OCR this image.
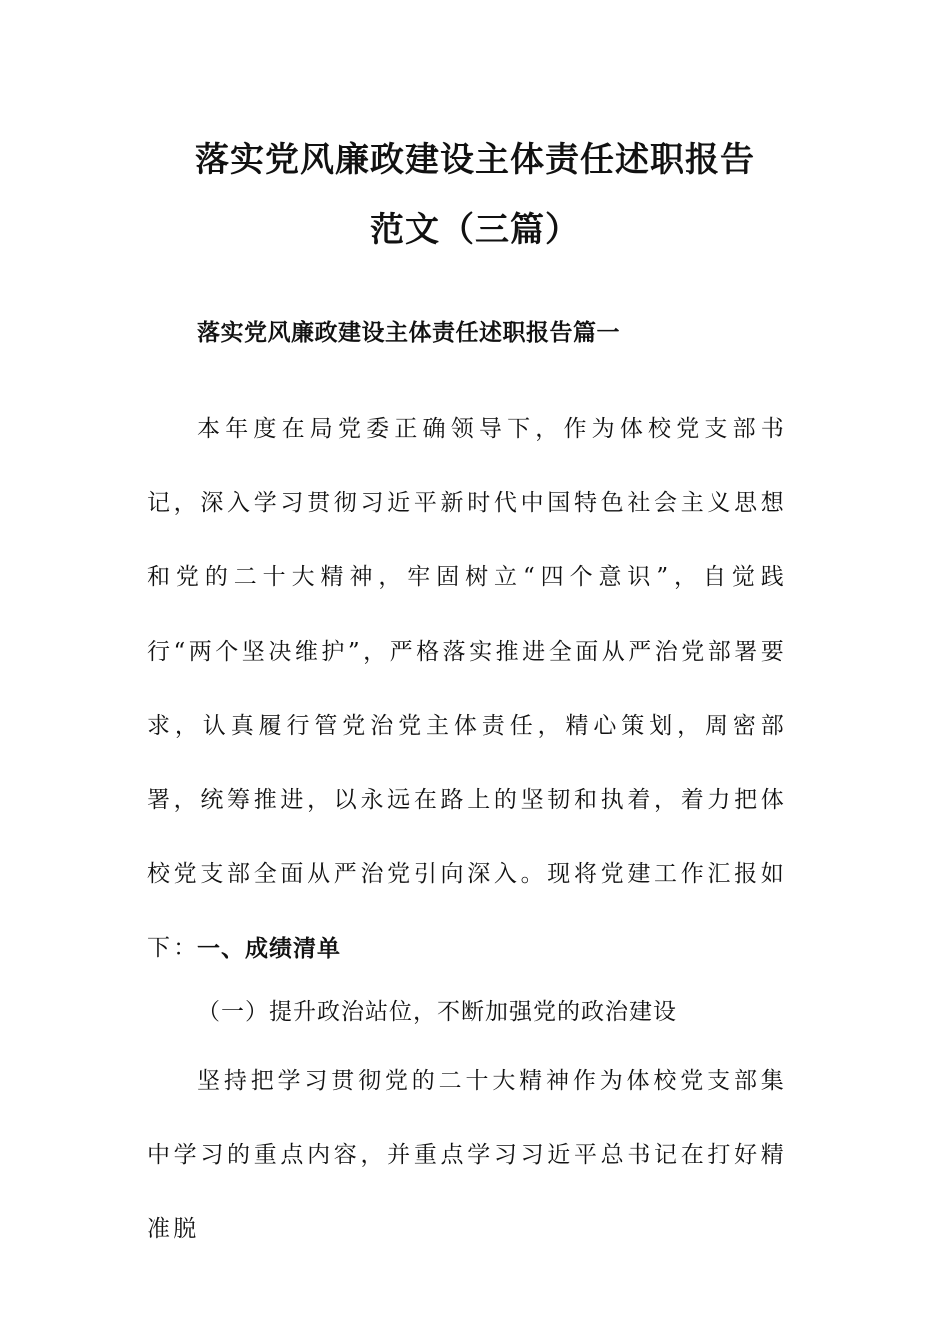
落实党风廉政建设主体责任述职报告
范文（三篇）
落实党风廉政建设主体责任述职报告篇一
本年度在局党委正确领导下，作为体校党支部书记，深入学习贯彻习近平新时代中国特色社会主义思想和党的二十大精神，牢固树立“四个意识”，自觉践行“两个坚决维护”，严格落实推进全面从严治党部署要求，认真履行管党治党主体责任，精心策划，周密部署，统筹推进，以永远在路上的坚韧和执着，着力把体校党支部全面从严治党引向深入。现将党建工作汇报如下：
一、成绩清单
（一）提升政治站位，不断加强党的政治建设
坚持把学习贯彻党的二十大精神作为体校党支部集中学习的重点内容，并重点学习习近平总书记在打好精准脱
